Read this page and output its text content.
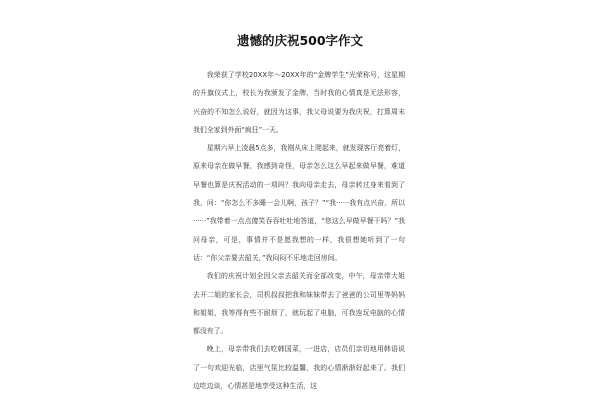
遗憾的庆祝500字作文

我荣获了学校20XX年～20XX年的“金牌学生”光荣称号，这星期的升旗仪式上，校长为我颁发了金牌，当时我的心情真是无法形容，兴奋的不知怎么说好，就因为这事，我父母说要为我庆祝，打算周末我们全家到外面“疯狂”一天。

星期六早上凌晨5点多，我刚从床上爬起来，就发现客厅亮着灯，原来母亲在做早餐，我感到奇怪，母亲怎么这么早起来做早餐，难道早餐也算是庆祝活动的一项吗？我向母亲走去，母亲转过身来看到了我，问：“你怎么不多睡一会儿啊，孩子？”“我······我有点兴奋，所以······”我带着一点点傻笑吞吞吐吐地答道，“您这么早做早餐干吗？”我问母亲，可是，事情并不是愿我想的一样，我很想她听到了一句话：“你父亲要去韶关，”我闷闷不乐地走回房间。

我们的庆祝计划全因父亲去韶关而全部改变，中午，母亲带大姐去开二姐的家长会，司机叔叔把我和妹妹带去了爸爸的公司里等妈妈和姐姐，我等得有些不耐烦了，就玩起了电脑，可我连玩电脑的心情都没有了。

晚上，母亲带我们去吃韩国菜，一进店，店员们亲切地用韩语说了一句欢迎光临，店里气氛比较温馨，我的心情渐渐好起来了。我们边吃边谈，心情甚是地享受这种生活，这
